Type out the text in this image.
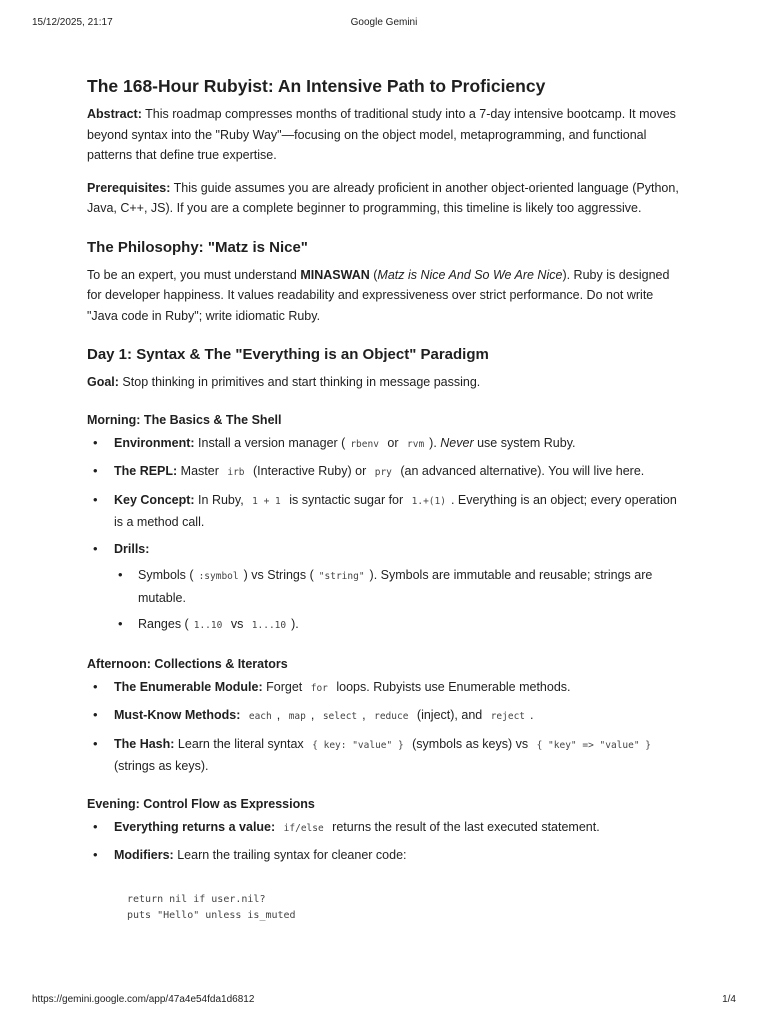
15/12/2025, 21:17	Google Gemini
The 168-Hour Rubyist: An Intensive Path to Proficiency

Abstract: This roadmap compresses months of traditional study into a 7-day intensive bootcamp. It moves beyond syntax into the "Ruby Way"—focusing on the object model, metaprogramming, and functional patterns that define true expertise.

Prerequisites: This guide assumes you are already proficient in another object-oriented language (Python, Java, C++, JS). If you are a complete beginner to programming, this timeline is likely too aggressive.

The Philosophy: "Matz is Nice"

To be an expert, you must understand MINASWAN (Matz is Nice And So We Are Nice). Ruby is designed for developer happiness. It values readability and expressiveness over strict performance. Do not write "Java code in Ruby"; write idiomatic Ruby.

Day 1: Syntax & The "Everything is an Object" Paradigm

Goal: Stop thinking in primitives and start thinking in message passing.

Morning: The Basics & The Shell
• Environment: Install a version manager ( rbenv or rvm ). Never use system Ruby.
• The REPL: Master irb (Interactive Ruby) or pry (an advanced alternative). You will live here.
• Key Concept: In Ruby, 1 + 1 is syntactic sugar for 1.+(1) . Everything is an object; every operation is a method call.
• Drills:
• Symbols ( :symbol ) vs Strings ( "string" ). Symbols are immutable and reusable; strings are mutable.
• Ranges ( 1..10 vs 1...10 ).
Afternoon: Collections & Iterators
• The Enumerable Module: Forget for loops. Rubyists use Enumerable methods.
• Must-Know Methods: each , map , select , reduce (inject), and reject .
• The Hash: Learn the literal syntax { key: "value" } (symbols as keys) vs { "key" => "value" } (strings as keys).
Evening: Control Flow as Expressions
• Everything returns a value: if/else returns the result of the last executed statement.
• Modifiers: Learn the trailing syntax for cleaner code:
return nil if user.nil?
puts "Hello" unless is_muted
https://gemini.google.com/app/47a4e54fda1d6812	1/4
